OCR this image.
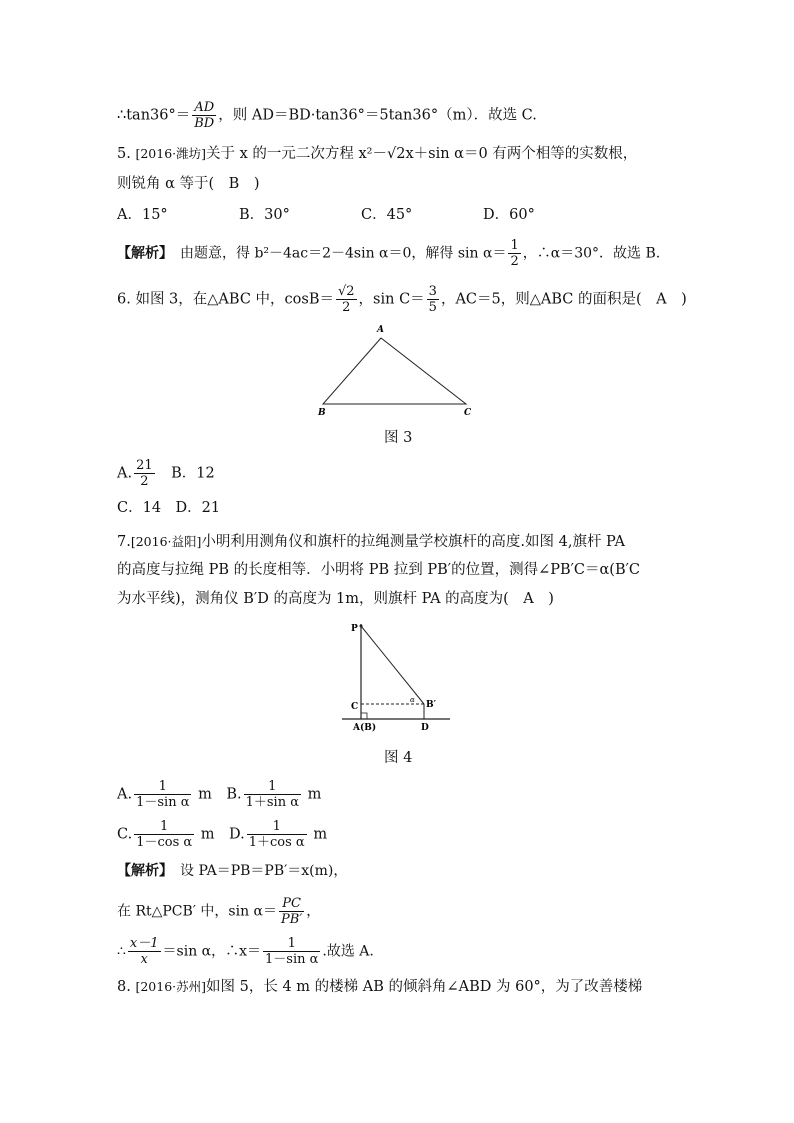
∴tan36°＝ $\frac{AD}{BD}$ ，则 AD＝BD·tan36°＝5tan36°（m）．故选 C.
5. [2016·潍坊]关于 x 的一元二次方程 x²－√2x＋sin α＝0 有两个相等的实数根，
则锐角 α 等于(　B　)
A．15°	B．30°	C．45°	D．60°
【解析】　 由题意，得 b²－4ac＝2－4sin α＝0，解得 $\sin \alpha= \frac{1}{2}$ ，∴α＝30°．故选 B.
6. 如图 3，在△ABC 中，$\cos B= \frac{√2}{2}$ ，$\sin C= \frac{3}{5}$ ，AC＝5，则△ABC 的面积是(　A　)
A
B	C
图 3
A. $\frac{21}{2}$
　 B．12
C．14　D．21
7.[2016·益阳]小明利用测角仪和旗杆的拉绳测量学校旗杆的高度.如图 4,旗杆 PA
的高度与拉绳 PB 的长度相等．小明将 PB 拉到 PB′的位置，测得∠PB′C＝α(B′C
为水平线)，测角仪 B′D 的高度为 1m，则旗杆 PA 的高度为(　A　)
P
C	B′
A(B)	D
α
图 4
A. $\frac{1}{\text{1－sin α}}$ m　 B. $\frac{1}{\text{1＋sin α}}$ m
C. $\frac{1}{\text{1－cos α}}$ m　 D. $\frac{1}{\text{1＋cos α}}$ m
【解析】　 设 PA＝PB＝PB′＝x(m)，
在 Rt△PCB′ 中，$\sin \alpha= \frac{PC}{PB'}$ ，
∴ $\frac{x-1}{x} =\sin$ α，∴x＝ $\frac{1}{\text{1－sin α}}$ .故选 A.
8. [2016·苏州]如图 5，长 4 m 的楼梯 AB 的倾斜角∠ABD 为 60°，为了改善楼梯
